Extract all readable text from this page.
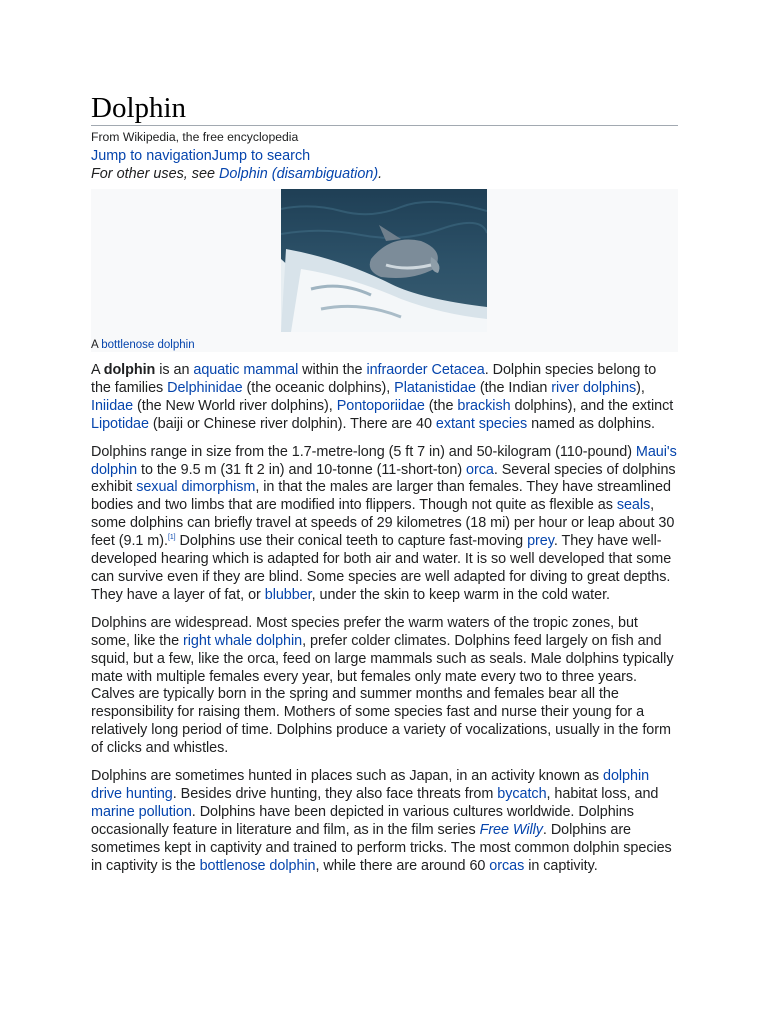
Dolphin
From Wikipedia, the free encyclopedia
Jump to navigationJump to search
For other uses, see Dolphin (disambiguation).
A bottlenose dolphin

A dolphin is an aquatic mammal within the infraorder Cetacea. Dolphin species belong to the families Delphinidae (the oceanic dolphins), Platanistidae (the Indian river dolphins), Iniidae (the New World river dolphins), Pontoporiidae (the brackish dolphins), and the extinct Lipotidae (baiji or Chinese river dolphin). There are 40 extant species named as dolphins.

Dolphins range in size from the 1.7-metre-long (5 ft 7 in) and 50-kilogram (110-pound) Maui's dolphin to the 9.5 m (31 ft 2 in) and 10-tonne (11-short-ton) orca. Several species of dolphins exhibit sexual dimorphism, in that the males are larger than females. They have streamlined bodies and two limbs that are modified into flippers. Though not quite as flexible as seals, some dolphins can briefly travel at speeds of 29 kilometres (18 mi) per hour or leap about 30 feet (9.1 m).[1] Dolphins use their conical teeth to capture fast-moving prey. They have well-developed hearing which is adapted for both air and water. It is so well developed that some can survive even if they are blind. Some species are well adapted for diving to great depths. They have a layer of fat, or blubber, under the skin to keep warm in the cold water.

Dolphins are widespread. Most species prefer the warm waters of the tropic zones, but some, like the right whale dolphin, prefer colder climates. Dolphins feed largely on fish and squid, but a few, like the orca, feed on large mammals such as seals. Male dolphins typically mate with multiple females every year, but females only mate every two to three years. Calves are typically born in the spring and summer months and females bear all the responsibility for raising them. Mothers of some species fast and nurse their young for a relatively long period of time. Dolphins produce a variety of vocalizations, usually in the form of clicks and whistles.

Dolphins are sometimes hunted in places such as Japan, in an activity known as dolphin drive hunting. Besides drive hunting, they also face threats from bycatch, habitat loss, and marine pollution. Dolphins have been depicted in various cultures worldwide. Dolphins occasionally feature in literature and film, as in the film series Free Willy. Dolphins are sometimes kept in captivity and trained to perform tricks. The most common dolphin species in captivity is the bottlenose dolphin, while there are around 60 orcas in captivity.
